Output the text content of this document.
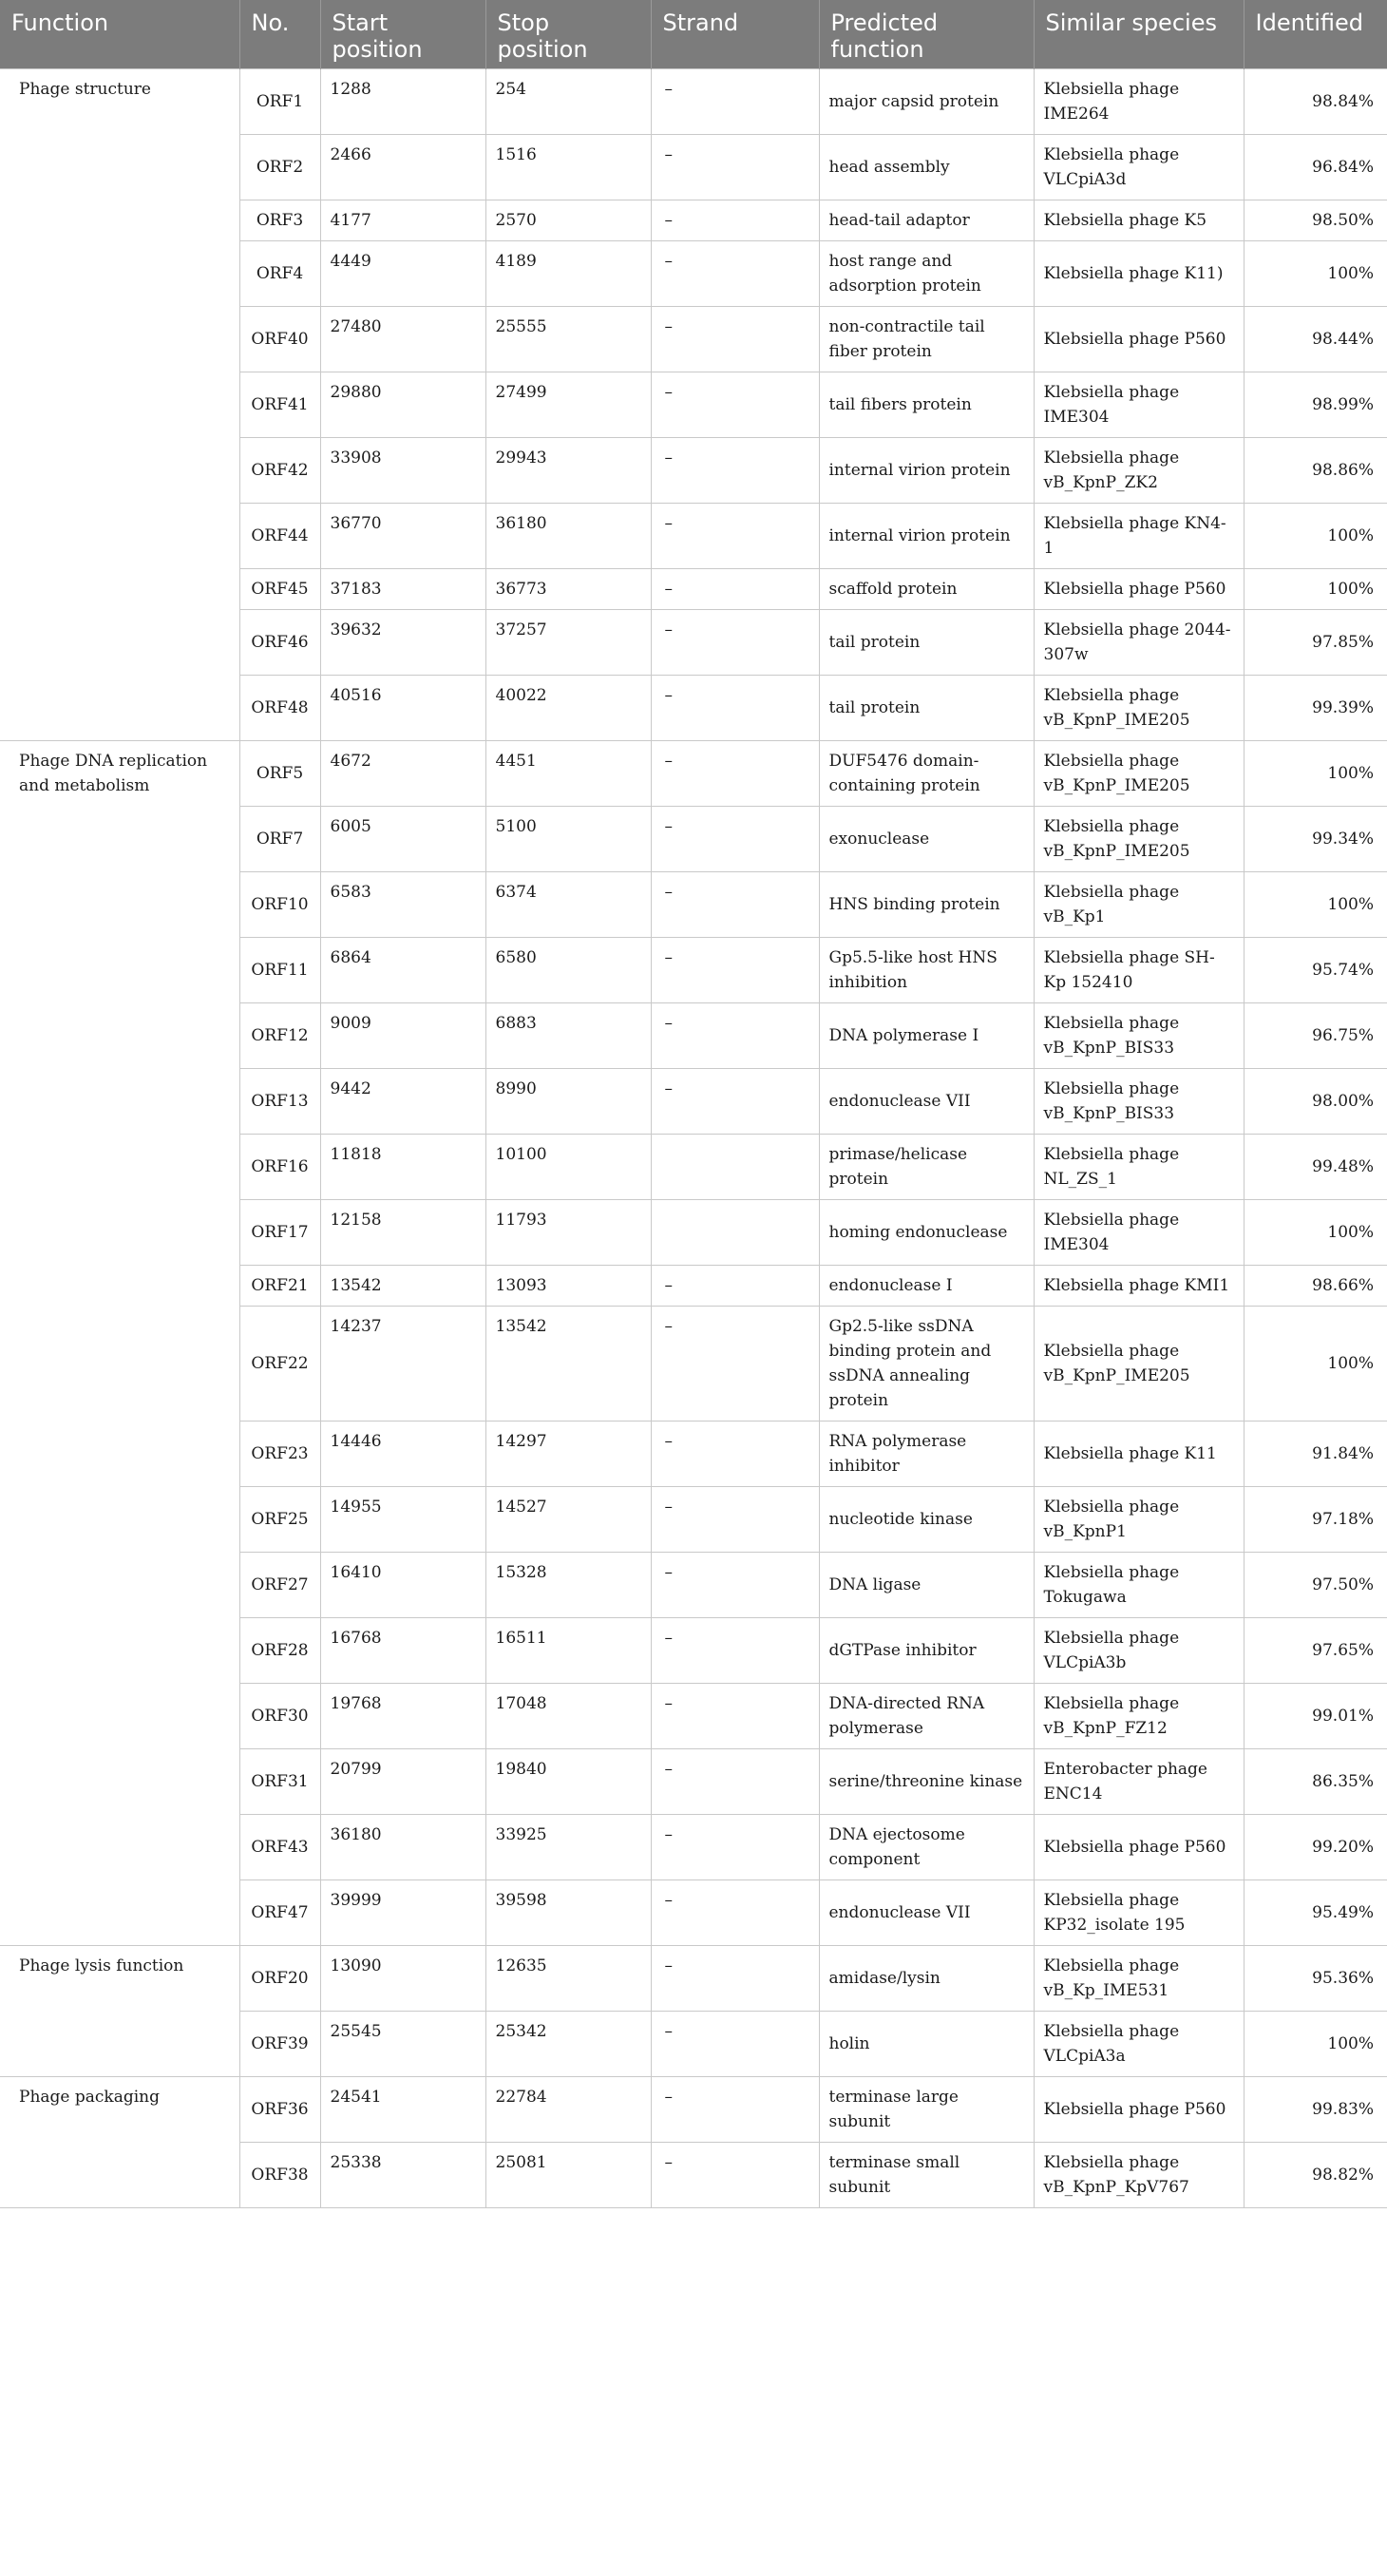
Function	No.	Start position	Stop position	Strand	Predicted function	Similar species	Identified
Phage structure	ORF1	1288	254	–	major capsid protein	Klebsiella phage IME264	98.84%
	ORF2	2466	1516	–	head assembly	Klebsiella phage VLCpiA3d	96.84%
	ORF3	4177	2570	–	head-tail adaptor	Klebsiella phage K5	98.50%
	ORF4	4449	4189	–	host range and adsorption protein	Klebsiella phage K11)	100%
	ORF40	27480	25555	–	non-contractile tail fiber protein	Klebsiella phage P560	98.44%
	ORF41	29880	27499	–	tail fibers protein	Klebsiella phage IME304	98.99%
	ORF42	33908	29943	–	internal virion protein	Klebsiella phage vB_KpnP_ZK2	98.86%
	ORF44	36770	36180	–	internal virion protein	Klebsiella phage KN4-1	100%
	ORF45	37183	36773	–	scaffold protein	Klebsiella phage P560	100%
	ORF46	39632	37257	–	tail protein	Klebsiella phage 2044-307w	97.85%
	ORF48	40516	40022	–	tail protein	Klebsiella phage vB_KpnP_IME205	99.39%
Phage DNA replication and metabolism	ORF5	4672	4451	–	DUF5476 domain-containing protein	Klebsiella phage vB_KpnP_IME205	100%
	ORF7	6005	5100	–	exonuclease	Klebsiella phage vB_KpnP_IME205	99.34%
	ORF10	6583	6374	–	HNS binding protein	Klebsiella phage vB_Kp1	100%
	ORF11	6864	6580	–	Gp5.5-like host HNS inhibition	Klebsiella phage SH-Kp 152410	95.74%
	ORF12	9009	6883	–	DNA polymerase I	Klebsiella phage vB_KpnP_BIS33	96.75%
	ORF13	9442	8990	–	endonuclease VII	Klebsiella phage vB_KpnP_BIS33	98.00%
	ORF16	11818	10100		primase/helicase protein	Klebsiella phage NL_ZS_1	99.48%
	ORF17	12158	11793		homing endonuclease	Klebsiella phage IME304	100%
	ORF21	13542	13093	–	endonuclease I	Klebsiella phage KMI1	98.66%
	ORF22	14237	13542	–	Gp2.5-like ssDNA binding protein and ssDNA annealing protein	Klebsiella phage vB_KpnP_IME205	100%
	ORF23	14446	14297	–	RNA polymerase inhibitor	Klebsiella phage K11	91.84%
	ORF25	14955	14527	–	nucleotide kinase	Klebsiella phage vB_KpnP1	97.18%
	ORF27	16410	15328	–	DNA ligase	Klebsiella phage Tokugawa	97.50%
	ORF28	16768	16511	–	dGTPase inhibitor	Klebsiella phage VLCpiA3b	97.65%
	ORF30	19768	17048	–	DNA-directed RNA polymerase	Klebsiella phage vB_KpnP_FZ12	99.01%
	ORF31	20799	19840	–	serine/threonine kinase	Enterobacter phage ENC14	86.35%
	ORF43	36180	33925	–	DNA ejectosome component	Klebsiella phage P560	99.20%
	ORF47	39999	39598	–	endonuclease VII	Klebsiella phage KP32_isolate 195	95.49%
Phage lysis function	ORF20	13090	12635	–	amidase/lysin	Klebsiella phage vB_Kp_IME531	95.36%
	ORF39	25545	25342	–	holin	Klebsiella phage VLCpiA3a	100%
Phage packaging	ORF36	24541	22784	–	terminase large subunit	Klebsiella phage P560	99.83%
	ORF38	25338	25081	–	terminase small subunit	Klebsiella phage vB_KpnP_KpV767	98.82%
